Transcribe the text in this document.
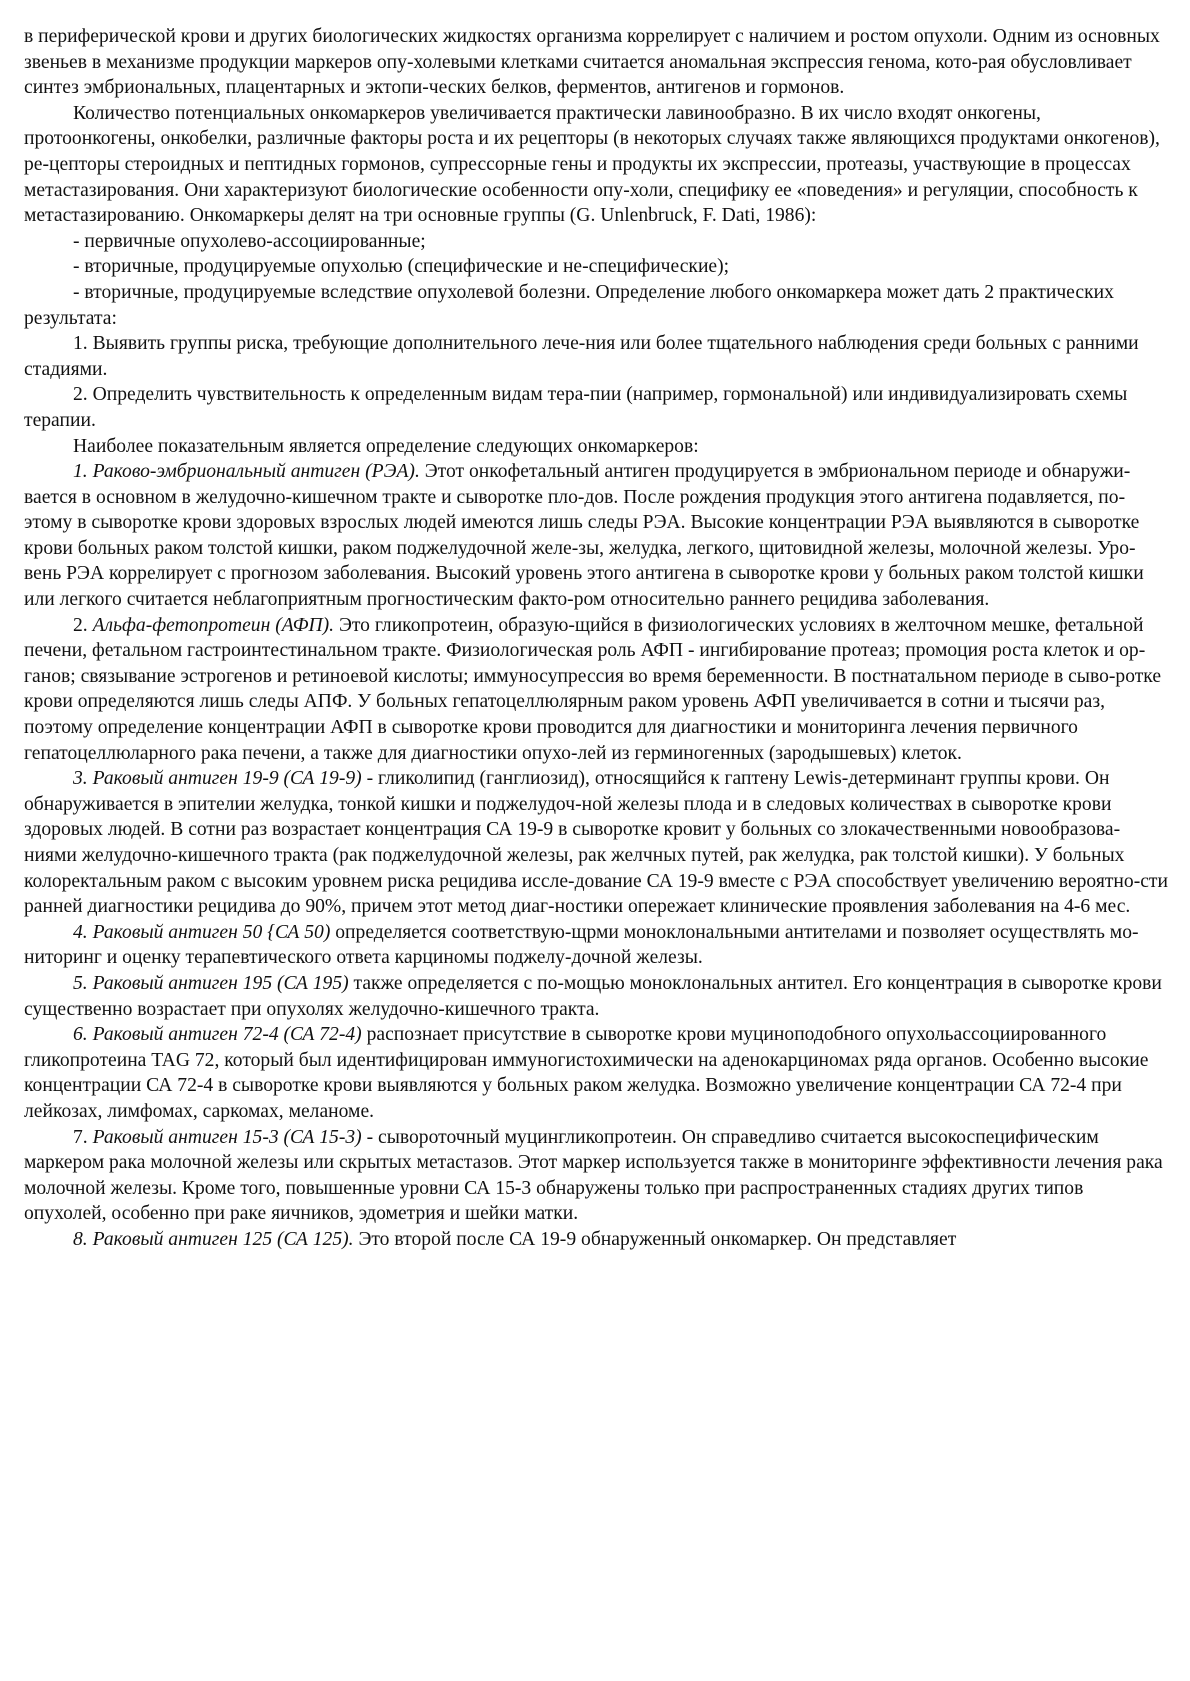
в периферической крови и других биологических жидкостях организма коррелирует с наличием и ростом опухоли. Одним из основных звеньев в механизме продукции маркеров опу-холевыми клетками считается аномальная экспрессия генома, кото-рая обусловливает синтез эмбриональных, плацентарных и эктопи-ческих белков, ферментов, антигенов и гормонов.

Количество потенциальных онкомаркеров увеличивается практически лавинообразно. В их число входят онкогены, протоонкогены, онкобелки, различные факторы роста и их рецепторы (в некоторых случаях также являющихся продуктами онкогенов), ре-цепторы стероидных и пептидных гормонов, супрессорные гены и продукты их экспрессии, протеазы, участвующие в процессах метастазирования. Они характеризуют биологические особенности опу-холи, специфику ее «поведения» и регуляции, способность к метастазированию. Онкомаркеры делят на три основные группы (G. Unlenbruck, F. Dati, 1986):

- первичные опухолево-ассоциированные;

- вторичные, продуцируемые опухолью (специфические и не-специфические);

- вторичные, продуцируемые вследствие опухолевой болезни. Определение любого онкомаркера может дать 2 практических результата:

1. Выявить группы риска, требующие дополнительного лече-ния или более тщательного наблюдения среди больных с ранними стадиями.

2. Определить чувствительность к определенным видам тера-пии (например, гормональной) или индивидуализировать схемы терапии.

Наиболее показательным является определение следующих онкомаркеров:

1. Раково-эмбриональный антиген (РЭА). Этот онкофетальный антиген продуцируется в эмбриональном периоде и обнаружи-вается в основном в желудочно-кишечном тракте и сыворотке пло-дов. После рождения продукция этого антигена подавляется, по-этому в сыворотке крови здоровых взрослых людей имеются лишь следы РЭА. Высокие концентрации РЭА выявляются в сыворотке крови больных раком толстой кишки, раком поджелудочной желе-зы, желудка, легкого, щитовидной железы, молочной железы. Уро-вень РЭА коррелирует с прогнозом заболевания. Высокий уровень этого антигена в сыворотке крови у больных раком толстой кишки или легкого считается неблагоприятным прогностическим факто-ром относительно раннего рецидива заболевания.

2. Альфа-фетопротеин (АФП). Это гликопротеин, образую-щийся в физиологических условиях в желточном мешке, фетальной печени, фетальном гастроинтестинальном тракте. Физиологическая роль АФП - ингибирование протеаз; промоция роста клеток и ор-ганов; связывание эстрогенов и ретиноевой кислоты; иммуносупрессия во время беременности. В постнатальном периоде в сыво-ротке крови определяются лишь следы АПФ. У больных гепатоцеллюлярным раком уровень АФП увеличивается в сотни и тысячи раз, поэтому определение концентрации АФП в сыворотке крови проводится для диагностики и мониторинга лечения первичного гепатоцеллюларного рака печени, а также для диагностики опухо-лей из герминогенных (зародышевых) клеток.

3. Раковый антиген 19-9 (СА 19-9) - гликолипид (ганглиозид), относящийся к гаптену Lewis-детерминант группы крови. Он обнаруживается в эпителии желудка, тонкой кишки и поджелудоч-ной железы плода и в следовых количествах в сыворотке крови здоровых людей. В сотни раз возрастает концентрация СА 19-9 в сыворотке кровит у больных со злокачественными новообразова-ниями желудочно-кишечного тракта (рак поджелудочной железы, рак желчных путей, рак желудка, рак толстой кишки). У больных колоректальным раком с высоким уровнем риска рецидива иссле-дование СА 19-9 вместе с РЭА способствует увеличению вероятно-сти ранней диагностики рецидива до 90%, причем этот метод диаг-ностики опережает клинические проявления заболевания на 4-6 мес.

4. Раковый антиген 50 {СА 50) определяется соответствую-щрми моноклональными антителами и позволяет осуществлять мо-ниторинг и оценку терапевтического ответа карциномы поджелу-дочной железы.

5. Раковый антиген 195 (СА 195) также определяется с по-мощью моноклональных антител. Его концентрация в сыворотке крови существенно возрастает при опухолях желудочно-кишечного тракта.

6. Раковый антиген 72-4 (СА 72-4) распознает присутствие в сыворотке крови муциноподобного опухольассоциированного гликопротеина TAG 72, который был идентифицирован иммуногистохимически на аденокарциномах ряда органов. Особенно высокие концентрации СА 72-4 в сыворотке крови выявляются у больных раком желудка. Возможно увеличение концентрации СА 72-4 при лейкозах, лимфомах, саркомах, меланоме.

7. Раковый антиген 15-3 (СА 15-3) - сывороточный муцингликопротеин. Он справедливо считается высокоспецифическим маркером рака молочной железы или скрытых метастазов. Этот маркер используется также в мониторинге эффективности лечения рака молочной железы. Кроме того, повышенные уровни СА 15-3 обнаружены только при распространенных стадиях других типов опухолей, особенно при раке яичников, эдометрия и шейки матки.

8. Раковый антиген 125 (СА 125). Это второй после СА 19-9 обнаруженный онкомаркер. Он представляет
